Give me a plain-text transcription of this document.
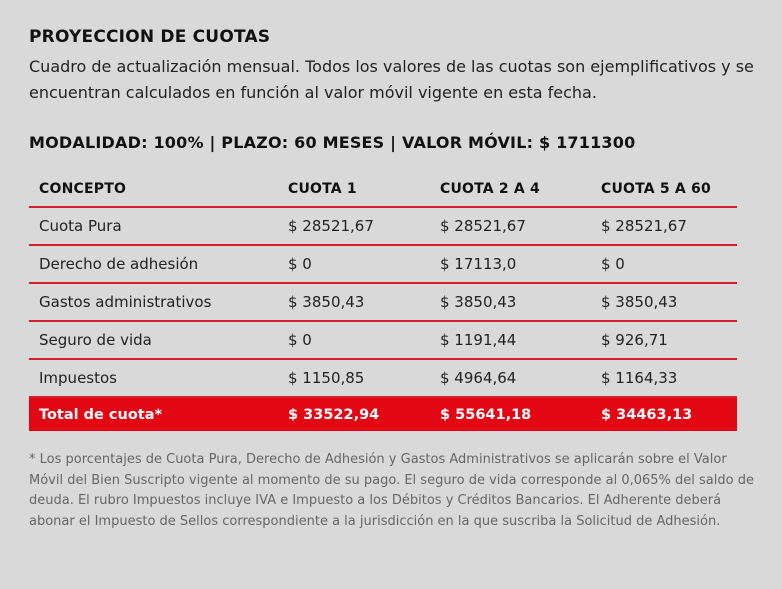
PROYECCION DE CUOTAS
Cuadro de actualización mensual. Todos los valores de las cuotas son ejemplificativos y se encuentran calculados en función al valor móvil vigente en esta fecha.
MODALIDAD: 100% | PLAZO: 60 MESES | VALOR MÓVIL: $ 1711300
CONCEPTO	CUOTA 1	CUOTA 2 A 4	CUOTA 5 A 60
Cuota Pura	$ 28521,67	$ 28521,67	$ 28521,67
Derecho de adhesión	$ 0	$ 17113,0	$ 0
Gastos administrativos	$ 3850,43	$ 3850,43	$ 3850,43
Seguro de vida	$ 0	$ 1191,44	$ 926,71
Impuestos	$ 1150,85	$ 4964,64	$ 1164,33
Total de cuota*	$ 33522,94	$ 55641,18	$ 34463,13
* Los porcentajes de Cuota Pura, Derecho de Adhesión y Gastos Administrativos se aplicarán sobre el Valor Móvil del Bien Suscripto vigente al momento de su pago. El seguro de vida corresponde al 0,065% del saldo de deuda. El rubro Impuestos incluye IVA e Impuesto a los Débitos y Créditos Bancarios. El Adherente deberá abonar el Impuesto de Sellos correspondiente a la jurisdicción en la que suscriba la Solicitud de Adhesión.
